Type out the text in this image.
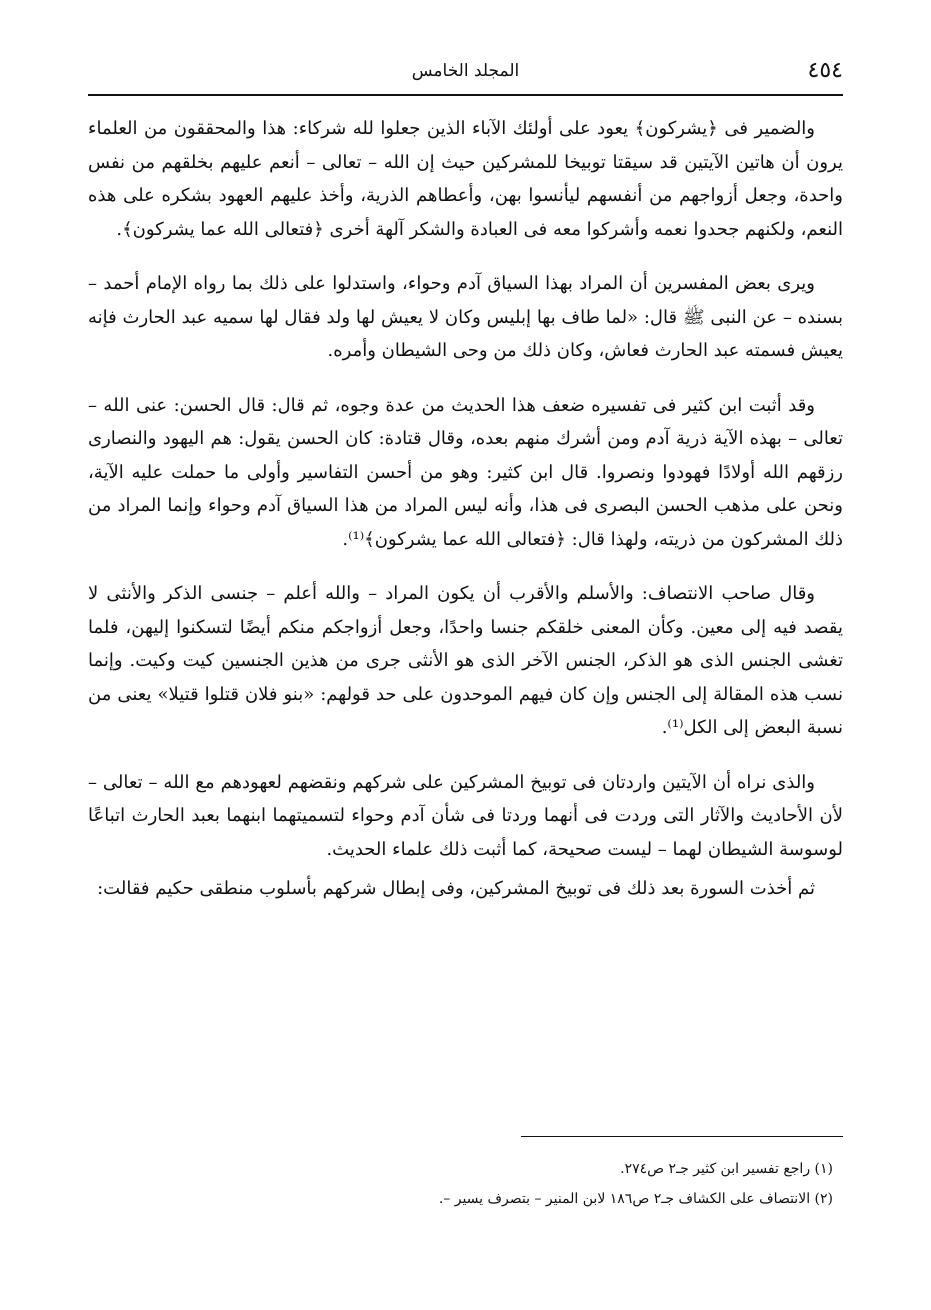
٤٥٤
المجلد الخامس

والضمير فى ﴿يشركون﴾ يعود على أولئك الآباء الذين جعلوا لله شركاء: هذا والمحققون من العلماء يرون أن هاتين الآيتين قد سيقتا توبيخا للمشركين حيث إن الله – تعالى – أنعم عليهم بخلقهم من نفس واحدة، وجعل أزواجهم من أنفسهم ليأنسوا بهن، وأعطاهم الذرية، وأخذ عليهم العهود بشكره على هذه النعم، ولكنهم جحدوا نعمه وأشركوا معه فى العبادة والشكر آلهة أخرى ﴿فتعالى الله عما يشركون﴾.

ويرى بعض المفسرين أن المراد بهذا السياق آدم وحواء، واستدلوا على ذلك بما رواه الإمام أحمد – بسنده – عن النبى ﷺ قال: «لما طاف بها إبليس وكان لا يعيش لها ولد فقال لها سميه عبد الحارث فإنه يعيش فسمته عبد الحارث فعاش، وكان ذلك من وحى الشيطان وأمره.

وقد أثبت ابن كثير فى تفسيره ضعف هذا الحديث من عدة وجوه، ثم قال: قال الحسن: عنى الله – تعالى – بهذه الآية ذرية آدم ومن أشرك منهم بعده، وقال قتادة: كان الحسن يقول: هم اليهود والنصارى رزقهم الله أولادًا فهودوا ونصروا. قال ابن كثير: وهو من أحسن التفاسير وأولى ما حملت عليه الآية، ونحن على مذهب الحسن البصرى فى هذا، وأنه ليس المراد من هذا السياق آدم وحواء وإنما المراد من ذلك المشركون من ذريته، ولهذا قال: ﴿فتعالى الله عما يشركون﴾⁽¹⁾.

وقال صاحب الانتصاف: والأسلم والأقرب أن يكون المراد – والله أعلم – جنسى الذكر والأنثى لا يقصد فيه إلى معين. وكأن المعنى خلقكم جنسا واحدًا، وجعل أزواجكم منكم أيضًا لتسكنوا إليهن، فلما تغشى الجنس الذى هو الذكر، الجنس الآخر الذى هو الأنثى جرى من هذين الجنسين كيت وكيت. وإنما نسب هذه المقالة إلى الجنس وإن كان فيهم الموحدون على حد قولهم: «بنو فلان قتلوا قتيلا» يعنى من نسبة البعض إلى الكل⁽¹⁾.

والذى نراه أن الآيتين واردتان فى توبيخ المشركين على شركهم ونقضهم لعهودهم مع الله – تعالى – لأن الأحاديث والآثار التى وردت فى أنهما وردتا فى شأن آدم وحواء لتسميتهما ابنهما بعبد الحارث اتباعًا لوسوسة الشيطان لهما – ليست صحيحة، كما أثبت ذلك علماء الحديث.

ثم أخذت السورة بعد ذلك فى توبيخ المشركين، وفى إبطال شركهم بأسلوب منطقى حكيم فقالت:

(١) راجع تفسير ابن كثير جـ٢ ص٢٧٤.

(٢) الانتصاف على الكشاف جـ٢ ص١٨٦ لابن المنير – بتصرف يسير –.
